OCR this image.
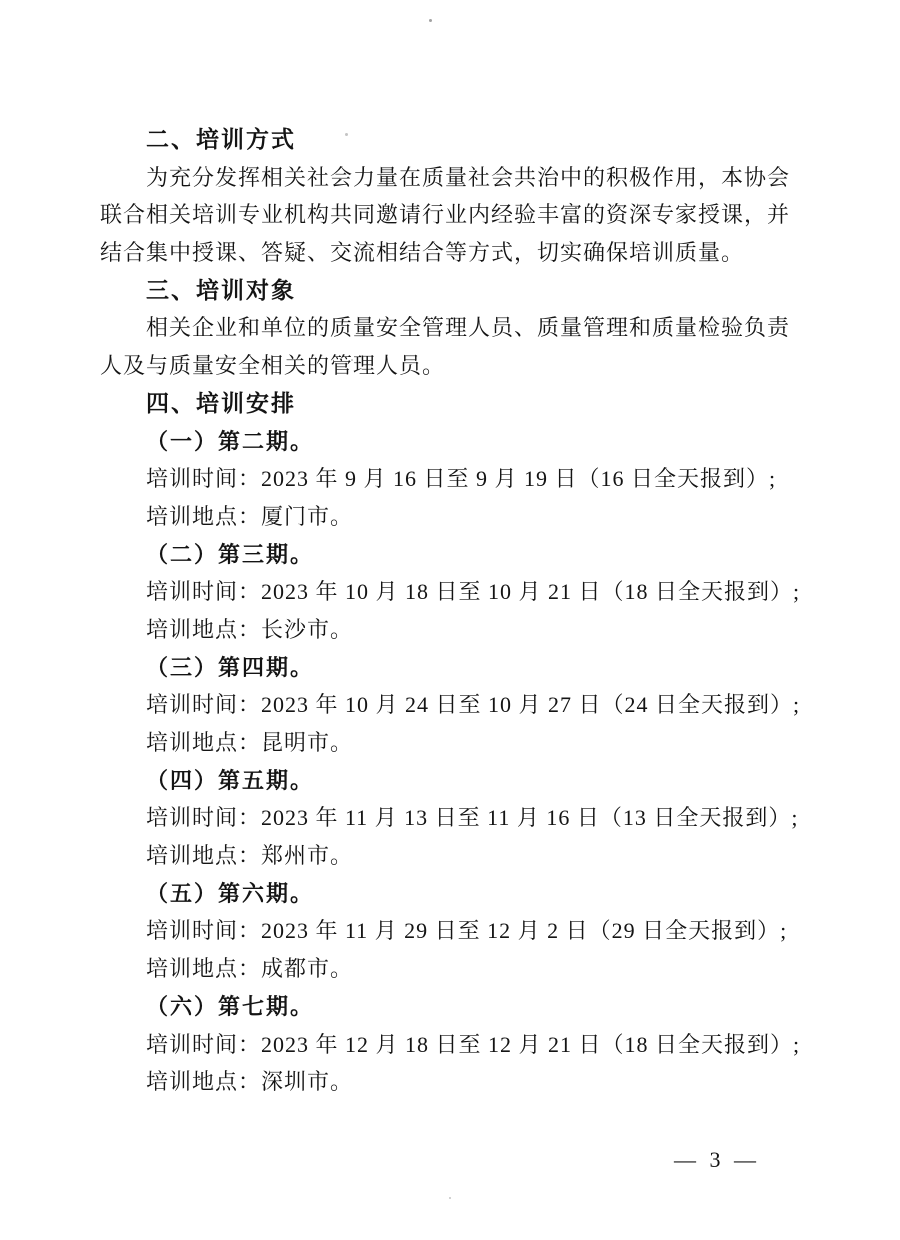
二、培训方式
为充分发挥相关社会力量在质量社会共治中的积极作用，本协会
联合相关培训专业机构共同邀请行业内经验丰富的资深专家授课，并
结合集中授课、答疑、交流相结合等方式，切实确保培训质量。
三、培训对象
相关企业和单位的质量安全管理人员、质量管理和质量检验负责
人及与质量安全相关的管理人员。
四、培训安排
（一）第二期。
培训时间：2023 年 9 月 16 日至 9 月 19 日（16 日全天报到）;
培训地点：厦门市。
（二）第三期。
培训时间：2023 年 10 月 18 日至 10 月 21 日（18 日全天报到）;
培训地点：长沙市。
（三）第四期。
培训时间：2023 年 10 月 24 日至 10 月 27 日（24 日全天报到）;
培训地点：昆明市。
（四）第五期。
培训时间：2023 年 11 月 13 日至 11 月 16 日（13 日全天报到）;
培训地点：郑州市。
（五）第六期。
培训时间：2023 年 11 月 29 日至 12 月 2 日（29 日全天报到）;
培训地点：成都市。
（六）第七期。
培训时间：2023 年 12 月 18 日至 12 月 21 日（18 日全天报到）;
培训地点：深圳市。
— 3 —
